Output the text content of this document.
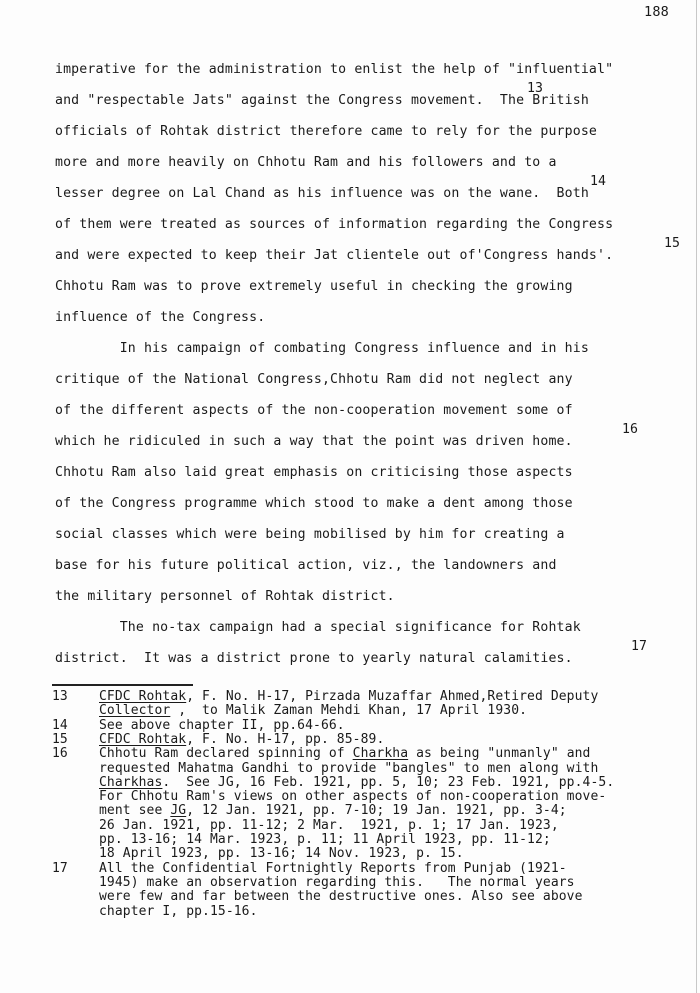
188
imperative for the administration to enlist the help of "influential"
and "respectable Jats" against the Congress movement.  The British
13
officials of Rohtak district therefore came to rely for the purpose
more and more heavily on Chhotu Ram and his followers and to a
lesser degree on Lal Chand as his influence was on the wane.  Both
14
of them were treated as sources of information regarding the Congress
and were expected to keep their Jat clientele out of'Congress hands'.
15
Chhotu Ram was to prove extremely useful in checking the growing
influence of the Congress.
In his campaign of combating Congress influence and in his
critique of the National Congress,Chhotu Ram did not neglect any
of the different aspects of the non-cooperation movement some of
which he ridiculed in such a way that the point was driven home.
16
Chhotu Ram also laid great emphasis on criticising those aspects
of the Congress programme which stood to make a dent among those
social classes which were being mobilised by him for creating a
base for his future political action, viz., the landowners and
the military personnel of Rohtak district.
The no-tax campaign had a special significance for Rohtak
district.  It was a district prone to yearly natural calamities.
17
13 CFDC Rohtak, F. No. H-17, Pirzada Muzaffar Ahmed,Retired Deputy
Collector ,  to Malik Zaman Mehdi Khan, 17 April 1930.
14 See above chapter II, pp.64-66.
15 CFDC Rohtak, F. No. H-17, pp. 85-89.
16 Chhotu Ram declared spinning of Charkha as being "unmanly" and
requested Mahatma Gandhi to provide "bangles" to men along with
Charkhas.  See JG, 16 Feb. 1921, pp. 5, 10; 23 Feb. 1921, pp.4-5.
For Chhotu Ram's views on other aspects of non-cooperation move-
ment see JG, 12 Jan. 1921, pp. 7-10; 19 Jan. 1921, pp. 3-4;
26 Jan. 1921, pp. 11-12; 2 Mar.  1921, p. 1; 17 Jan. 1923,
pp. 13-16; 14 Mar. 1923, p. 11; 11 April 1923, pp. 11-12;
18 April 1923, pp. 13-16; 14 Nov. 1923, p. 15.
17 All the Confidential Fortnightly Reports from Punjab (1921-
1945) make an observation regarding this.   The normal years
were few and far between the destructive ones. Also see above
chapter I, pp.15-16.
